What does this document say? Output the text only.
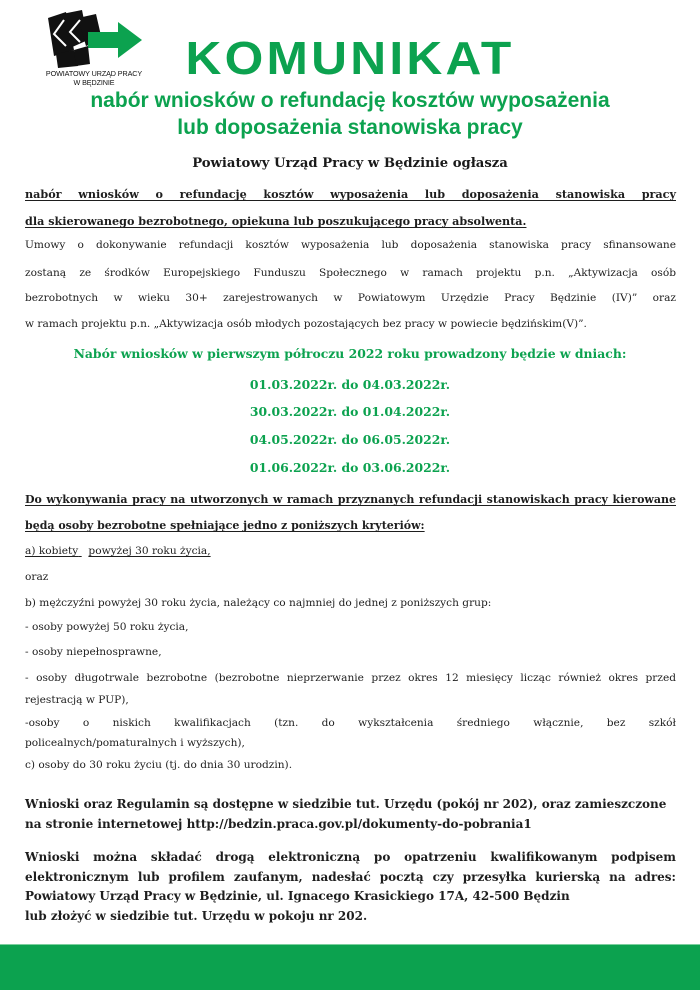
POWIATOWY URZĄD PRACY
W BĘDZINIE	KOMUNIKAT
nabór wniosków o refundację kosztów wyposażenia
lub doposażenia stanowiska pracy
Powiatowy Urząd Pracy w Będzinie ogłasza
nabór wniosków o refundację kosztów wyposażenia lub doposażenia stanowiska pracy
dla skierowanego bezrobotnego, opiekuna lub poszukującego pracy absolwenta.
Umowy o dokonywanie refundacji kosztów wyposażenia lub doposażenia stanowiska pracy sfinansowane
zostaną ze środków Europejskiego Funduszu Społecznego w ramach projektu p.n. „Aktywizacja osób
bezrobotnych w wieku 30+ zarejestrowanych w Powiatowym Urzędzie Pracy Będzinie (IV)” oraz
w ramach projektu p.n. „Aktywizacja osób młodych pozostających bez pracy w powiecie będzińskim(V)”.
Nabór wniosków w pierwszym półroczu 2022 roku prowadzony będzie w dniach:
01.03.2022r. do 04.03.2022r.
30.03.2022r. do 01.04.2022r.
04.05.2022r. do 06.05.2022r.
01.06.2022r. do 03.06.2022r.
Do wykonywania pracy na utworzonych w ramach przyznanych refundacji stanowiskach pracy kierowane
będą osoby bezrobotne spełniające jedno z poniższych kryteriów:
a) kobiety powyżej 30 roku życia,
oraz
b) mężczyźni powyżej 30 roku życia, należący co najmniej do jednej z poniższych grup:
- osoby powyżej 50 roku życia,
- osoby niepełnosprawne,
- osoby długotrwale bezrobotne (bezrobotne nieprzerwanie przez okres 12 miesięcy licząc również okres przed
rejestracją w PUP),
-osoby o niskich kwalifikacjach (tzn. do wykształcenia średniego włącznie, bez szkół
policealnych/pomaturalnych i wyższych),
c) osoby do 30 roku życiu (tj. do dnia 30 urodzin).
Wnioski oraz Regulamin są dostępne w siedzibie tut. Urzędu (pokój nr 202), oraz zamieszczone
na stronie internetowej http://bedzin.praca.gov.pl/dokumenty-do-pobrania1
Wnioski można składać drogą elektroniczną po opatrzeniu kwalifikowanym podpisem
elektronicznym lub profilem zaufanym, nadesłać pocztą czy przesyłka kurierską na adres:
Powiatowy Urząd Pracy w Będzinie, ul. Ignacego Krasickiego 17A, 42-500 Będzin
lub złożyć w siedzibie tut. Urzędu w pokoju nr 202.
